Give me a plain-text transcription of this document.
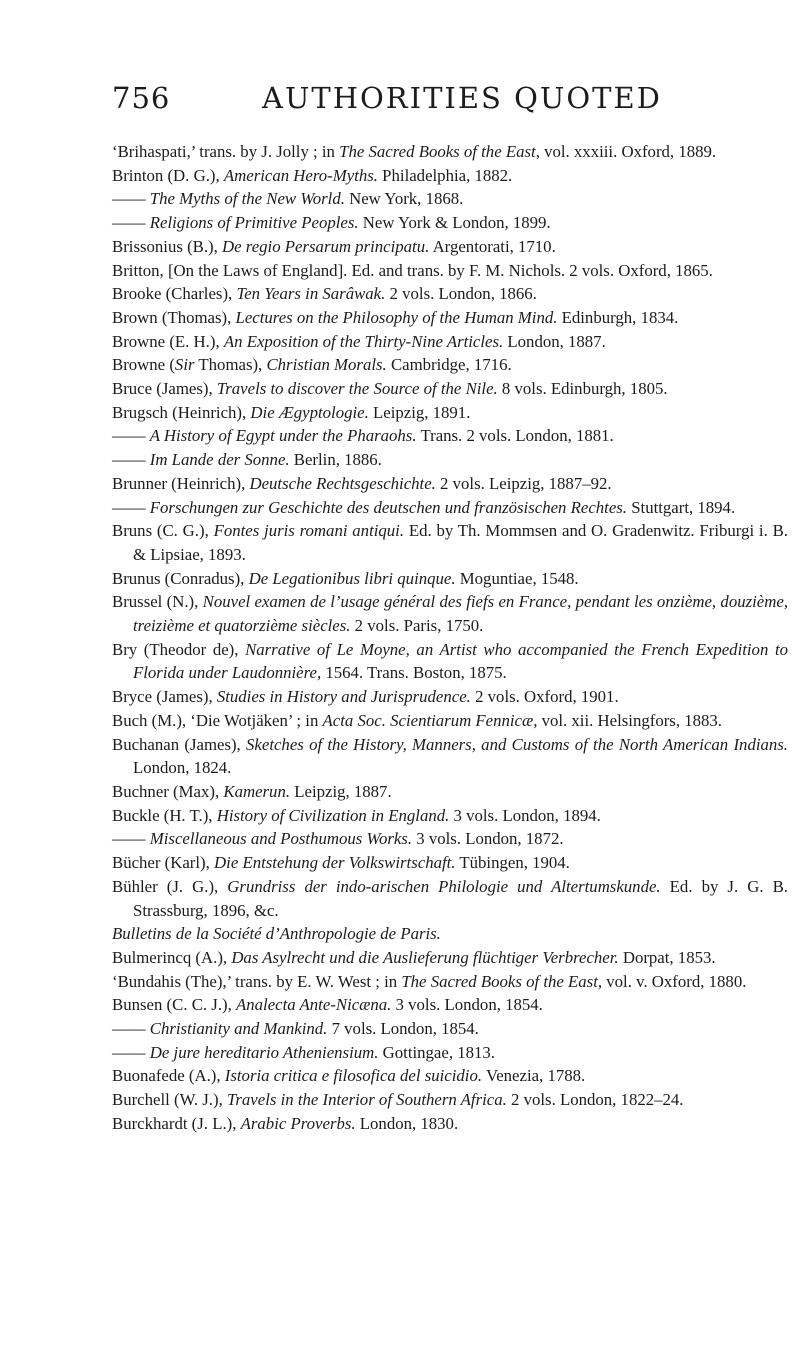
756	AUTHORITIES QUOTED

‘Brihaspati,’ trans. by J. Jolly ; in The Sacred Books of the East, vol. xxxiii. Oxford, 1889.

Brinton (D. G.), American Hero-Myths. Philadelphia, 1882.

—— The Myths of the New World. New York, 1868.

—— Religions of Primitive Peoples. New York & London, 1899.

Brissonius (B.), De regio Persarum principatu. Argentorati, 1710.

Britton, [On the Laws of England]. Ed. and trans. by F. M. Nichols. 2 vols. Oxford, 1865.

Brooke (Charles), Ten Years in Sarâwak. 2 vols. London, 1866.

Brown (Thomas), Lectures on the Philosophy of the Human Mind. Edinburgh, 1834.

Browne (E. H.), An Exposition of the Thirty-Nine Articles. London, 1887.

Browne (Sir Thomas), Christian Morals. Cambridge, 1716.

Bruce (James), Travels to discover the Source of the Nile. 8 vols. Edinburgh, 1805.

Brugsch (Heinrich), Die Ægyptologie. Leipzig, 1891.

—— A History of Egypt under the Pharaohs. Trans. 2 vols. London, 1881.

—— Im Lande der Sonne. Berlin, 1886.

Brunner (Heinrich), Deutsche Rechtsgeschichte. 2 vols. Leipzig, 1887–92.

—— Forschungen zur Geschichte des deutschen und französischen Rechtes. Stuttgart, 1894.

Bruns (C. G.), Fontes juris romani antiqui. Ed. by Th. Mommsen and O. Gradenwitz. Friburgi i. B. & Lipsiae, 1893.

Brunus (Conradus), De Legationibus libri quinque. Moguntiae, 1548.

Brussel (N.), Nouvel examen de l’usage général des fiefs en France, pendant les onzième, douzième, treizième et quatorzième siècles. 2 vols. Paris, 1750.

Bry (Theodor de), Narrative of Le Moyne, an Artist who accompanied the French Expedition to Florida under Laudonnière, 1564. Trans. Boston, 1875.

Bryce (James), Studies in History and Jurisprudence. 2 vols. Oxford, 1901.

Buch (M.), ‘Die Wotjäken’ ; in Acta Soc. Scientiarum Fennicæ, vol. xii. Helsingfors, 1883.

Buchanan (James), Sketches of the History, Manners, and Customs of the North American Indians. London, 1824.

Buchner (Max), Kamerun. Leipzig, 1887.

Buckle (H. T.), History of Civilization in England. 3 vols. London, 1894.

—— Miscellaneous and Posthumous Works. 3 vols. London, 1872.

Bücher (Karl), Die Entstehung der Volkswirtschaft. Tübingen, 1904.

Bühler (J. G.), Grundriss der indo-arischen Philologie und Altertumskunde. Ed. by J. G. B. Strassburg, 1896, &c.

Bulletins de la Société d’Anthropologie de Paris.

Bulmerincq (A.), Das Asylrecht und die Auslieferung flüchtiger Verbrecher. Dorpat, 1853.

‘Bundahis (The),’ trans. by E. W. West ; in The Sacred Books of the East, vol. v. Oxford, 1880.

Bunsen (C. C. J.), Analecta Ante-Nicæna. 3 vols. London, 1854.

—— Christianity and Mankind. 7 vols. London, 1854.

—— De jure hereditario Atheniensium. Gottingae, 1813.

Buonafede (A.), Istoria critica e filosofica del suicidio. Venezia, 1788.

Burchell (W. J.), Travels in the Interior of Southern Africa. 2 vols. London, 1822–24.

Burckhardt (J. L.), Arabic Proverbs. London, 1830.
